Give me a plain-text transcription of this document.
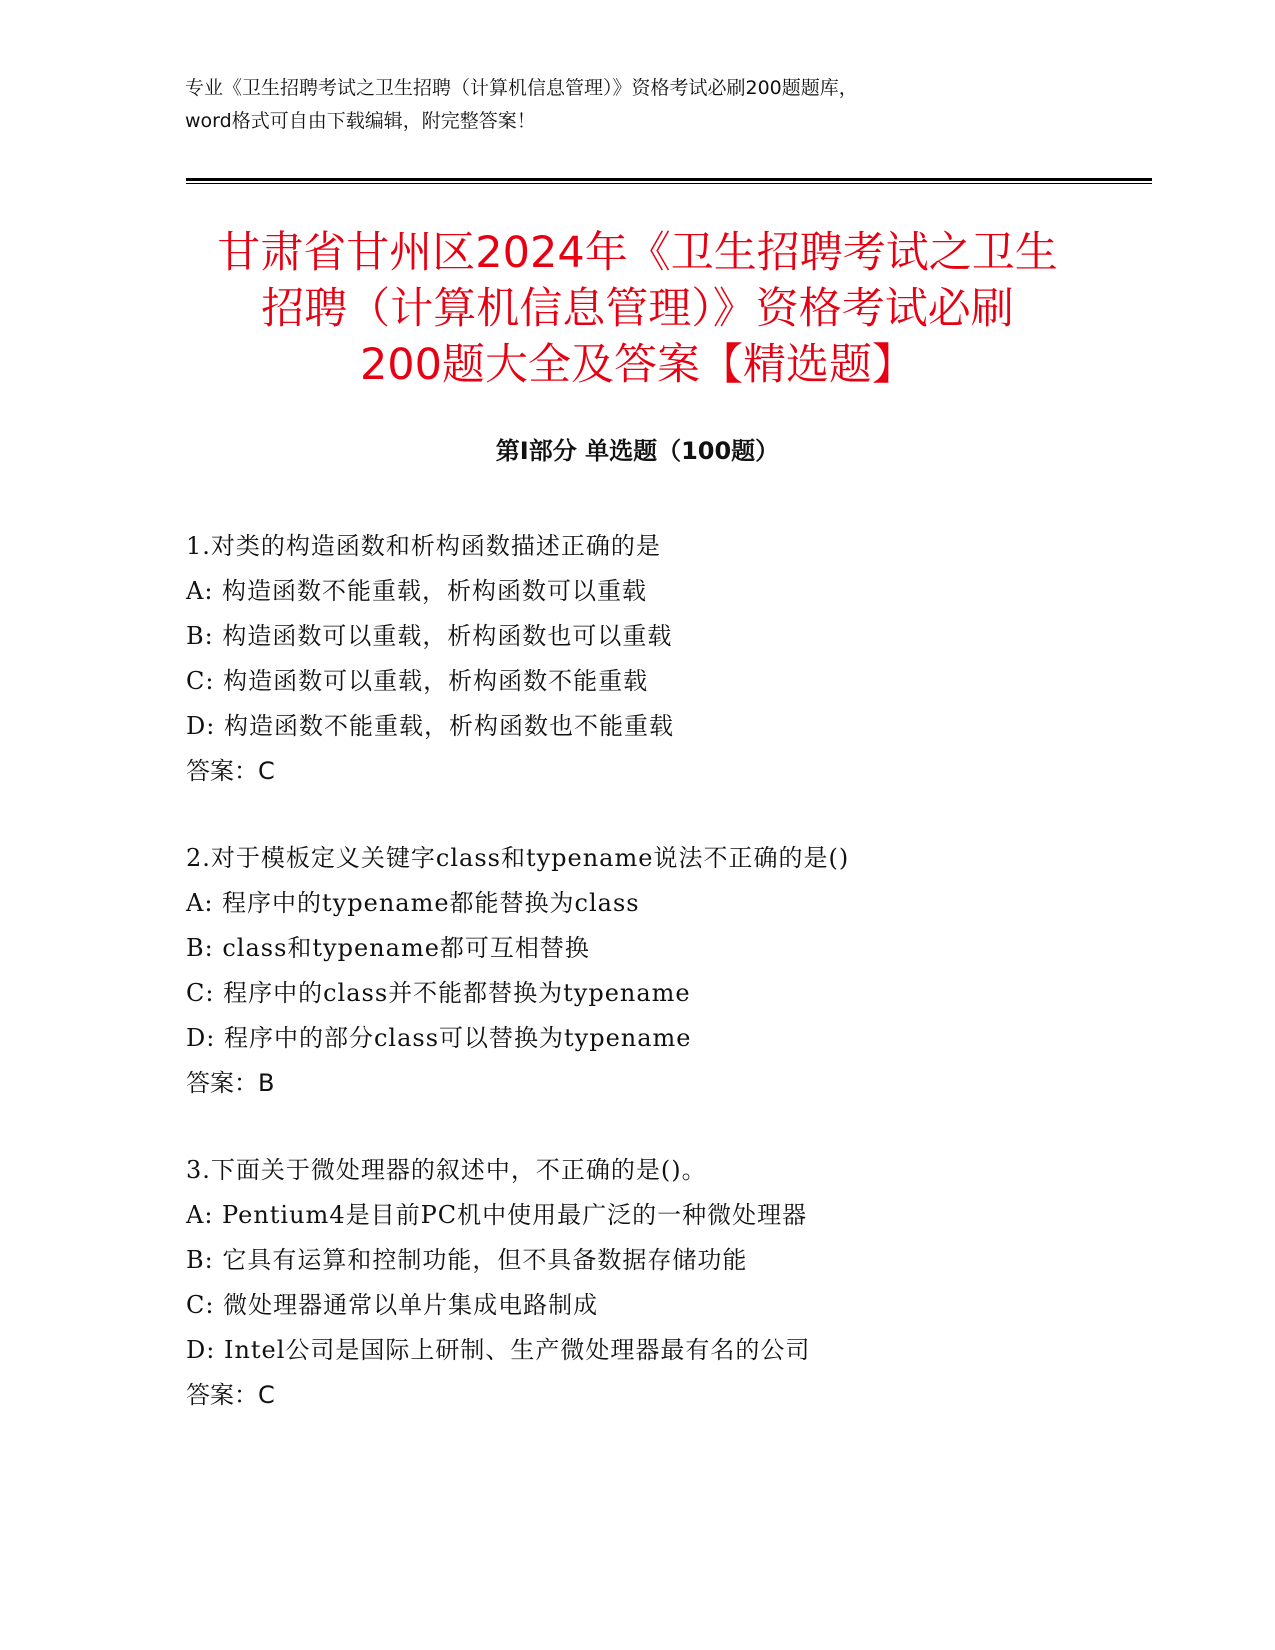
专业《卫生招聘考试之卫生招聘（计算机信息管理）》资格考试必刷200题题库，
word格式可自由下载编辑，附完整答案！
甘肃省甘州区2024年《卫生招聘考试之卫生
招聘（计算机信息管理）》资格考试必刷
200题大全及答案【精选题】
第Ⅰ部分 单选题（100题）
1.对类的构造函数和析构函数描述正确的是
A: 构造函数不能重载，析构函数可以重载
B: 构造函数可以重载，析构函数也可以重载
C: 构造函数可以重载，析构函数不能重载
D: 构造函数不能重载，析构函数也不能重载
答案：C
2.对于模板定义关键字class和typename说法不正确的是()
A: 程序中的typename都能替换为class
B: class和typename都可互相替换
C: 程序中的class并不能都替换为typename
D: 程序中的部分class可以替换为typename
答案：B
3.下面关于微处理器的叙述中，不正确的是()。
A: Pentium4是目前PC机中使用最广泛的一种微处理器
B: 它具有运算和控制功能，但不具备数据存储功能
C: 微处理器通常以单片集成电路制成
D: Intel公司是国际上研制、生产微处理器最有名的公司
答案：C
